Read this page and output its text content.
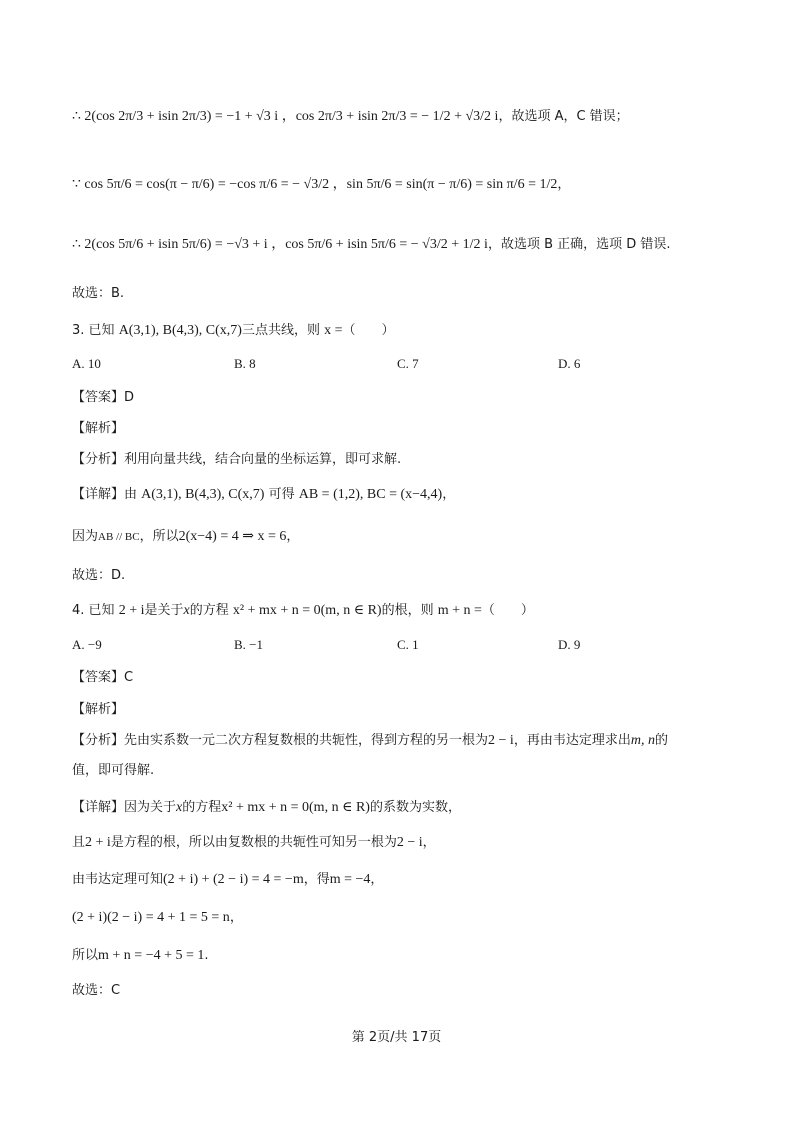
∴ 2(cos 2π/3 + isin 2π/3) = −1 + √3 i ，cos 2π/3 + isin 2π/3 = − 1/2 + √3/2 i，故选项 A，C 错误；
∵ cos 5π/6 = cos(π − π/6) = −cos π/6 = − √3/2 ，sin 5π/6 = sin(π − π/6) = sin π/6 = 1/2，
∴ 2(cos 5π/6 + isin 5π/6) = −√3 + i ，cos 5π/6 + isin 5π/6 = − √3/2 + 1/2 i，故选项 B 正确，选项 D 错误.
故选：B.
3. 已知 A(3,1), B(4,3), C(x,7)三点共线，则 x =（　　）
A. 10	B. 8	C. 7	D. 6
【答案】D
【解析】
【分析】利用向量共线，结合向量的坐标运算，即可求解.
【详解】由 A(3,1), B(4,3), C(x,7) 可得 AB = (1,2), BC = (x−4,4)，
因为AB // BC，所以2(x−4) = 4 ⇒ x = 6，
故选：D.
4. 已知 2 + i是关于x的方程 x² + mx + n = 0(m, n ∈ R)的根，则 m + n =（　　）
A. −9	B. −1	C. 1	D. 9
【答案】C
【解析】
【分析】先由实系数一元二次方程复数根的共轭性，得到方程的另一根为2 − i，再由韦达定理求出m, n的
值，即可得解.
【详解】因为关于x的方程x² + mx + n = 0(m, n ∈ R)的系数为实数，
且2 + i是方程的根，所以由复数根的共轭性可知另一根为2 − i，
由韦达定理可知(2 + i) + (2 − i) = 4 = −m，得m = −4，
(2 + i)(2 − i) = 4 + 1 = 5 = n，
所以m + n = −4 + 5 = 1.
故选：C
第 2页/共 17页
